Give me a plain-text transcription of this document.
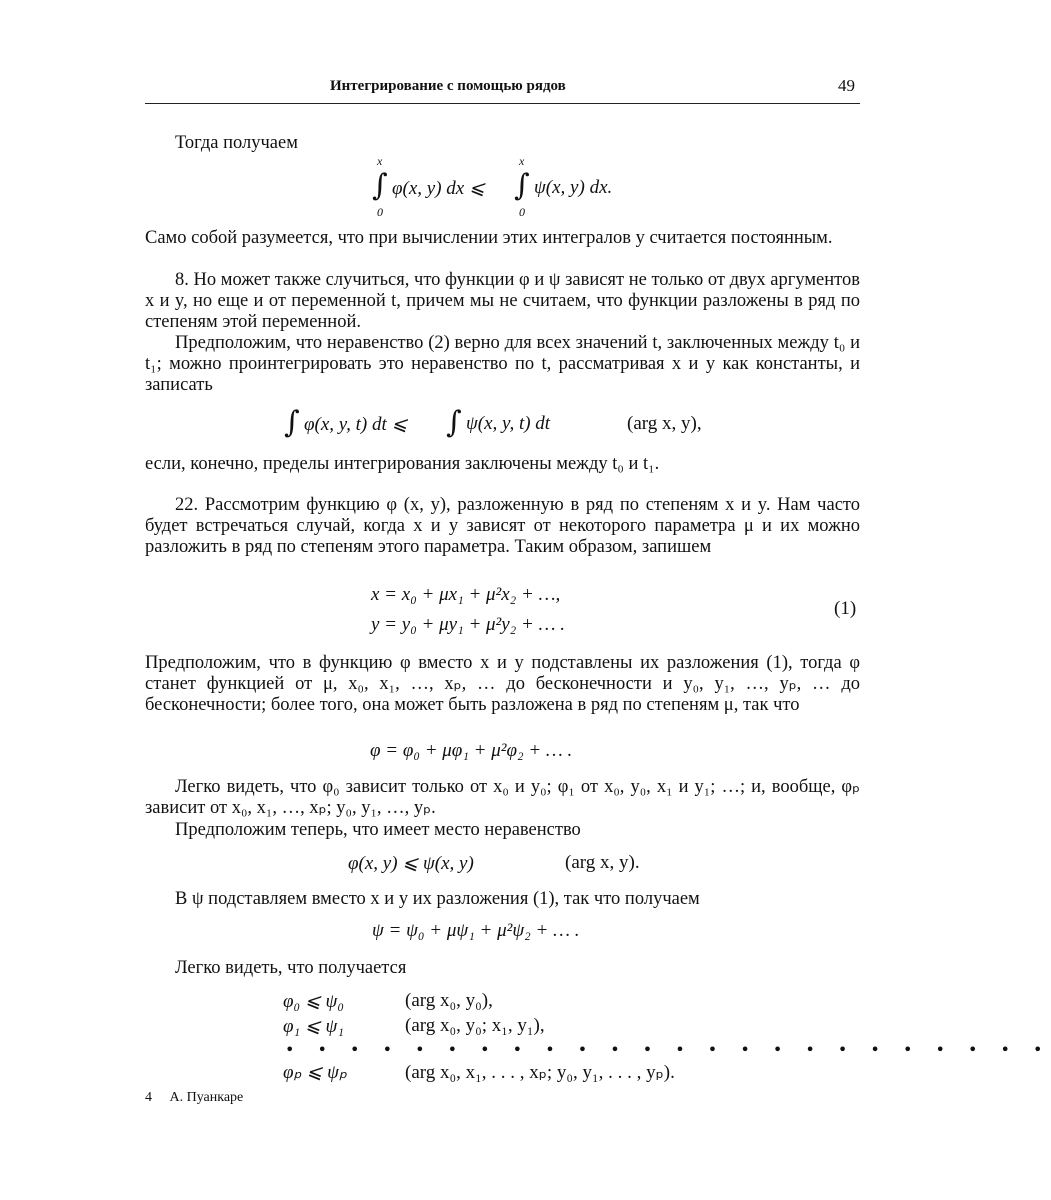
Интегрирование с помощью рядов	49
Тогда получаем
x
∫
0
φ(x, y) dx ⩽
x
∫
0
ψ(x, y) dx.
Само собой разумеется, что при вычислении этих интегралов y считается постоянным.
8. Но может также случиться, что функции φ и ψ зависят не только от двух аргументов x и y, но еще и от переменной t, причем мы не считаем, что функции разложены в ряд по степеням этой переменной.
Предположим, что неравенство (2) верно для всех значений t, заключенных между t₀ и t₁; можно проинтегрировать это неравенство по t, рассматривая x и y как константы, и записать
∫ φ(x, y, t) dt ⩽ ∫ ψ(x, y, t) dt	(arg x, y),
если, конечно, пределы интегрирования заключены между t₀ и t₁.
22. Рассмотрим функцию φ (x, y), разложенную в ряд по степеням x и y. Нам часто будет встречаться случай, когда x и y зависят от некоторого параметра μ и их можно разложить в ряд по степеням этого параметра. Таким образом, запишем
x = x₀ + μx₁ + μ²x₂ + …,
y = y₀ + μy₁ + μ²y₂ + … .
(1)
Предположим, что в функцию φ вместо x и y подставлены их разложения (1), тогда φ станет функцией от μ, x₀, x₁, …, xₚ, … до бесконечности и y₀, y₁, …, yₚ, … до бесконечности; более того, она может быть разложена в ряд по степеням μ, так что
φ = φ₀ + μφ₁ + μ²φ₂ + … .
Легко видеть, что φ₀ зависит только от x₀ и y₀; φ₁ от x₀, y₀, x₁ и y₁; …; и, вообще, φₚ зависит от x₀, x₁, …, xₚ; y₀, y₁, …, yₚ.
Предположим теперь, что имеет место неравенство
φ(x, y) ⩽ ψ(x, y)	(arg x, y).
В ψ подставляем вместо x и y их разложения (1), так что получаем
ψ = ψ₀ + μψ₁ + μ²ψ₂ + … .
Легко видеть, что получается
φ₀ ⩽ ψ₀	(arg x₀, y₀),
φ₁ ⩽ ψ₁	(arg x₀, y₀; x₁, y₁),
• • • • • • • • • • • • • • • • • • • • • • • •
φₚ ⩽ ψₚ	(arg x₀, x₁, . . . , xₚ; y₀, y₁, . . . , yₚ).
4 А. Пуанкаре
